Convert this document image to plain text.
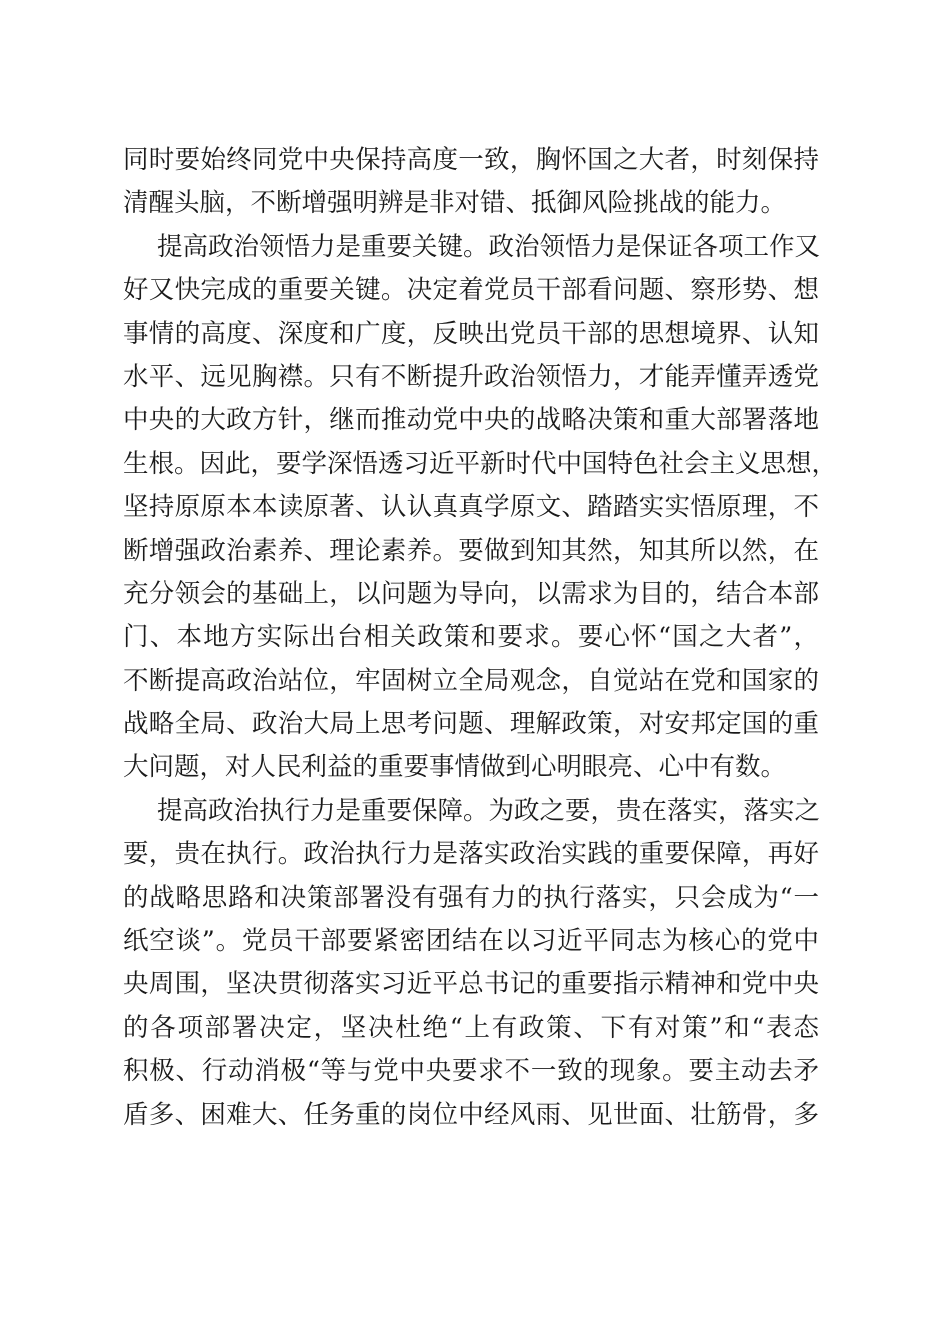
同时要始终同党中央保持高度一致，胸怀国之大者，时刻保持
清醒头脑，不断增强明辨是非对错、抵御风险挑战的能力。
提高政治领悟力是重要关键。政治领悟力是保证各项工作又
好又快完成的重要关键。决定着党员干部看问题、察形势、想
事情的高度、深度和广度，反映出党员干部的思想境界、认知
水平、远见胸襟。只有不断提升政治领悟力，才能弄懂弄透党
中央的大政方针，继而推动党中央的战略决策和重大部署落地
生根。因此，要学深悟透习近平新时代中国特色社会主义思想，
坚持原原本本读原著、认认真真学原文、踏踏实实悟原理，不
断增强政治素养、理论素养。要做到知其然，知其所以然，在
充分领会的基础上，以问题为导向，以需求为目的，结合本部
门、本地方实际出台相关政策和要求。要心怀“国之大者”，
不断提高政治站位，牢固树立全局观念，自觉站在党和国家的
战略全局、政治大局上思考问题、理解政策，对安邦定国的重
大问题，对人民利益的重要事情做到心明眼亮、心中有数。
提高政治执行力是重要保障。为政之要，贵在落实，落实之
要，贵在执行。政治执行力是落实政治实践的重要保障，再好
的战略思路和决策部署没有强有力的执行落实，只会成为“一
纸空谈”。党员干部要紧密团结在以习近平同志为核心的党中
央周围，坚决贯彻落实习近平总书记的重要指示精神和党中央
的各项部署决定，坚决杜绝“上有政策、下有对策”和“表态
积极、行动消极“等与党中央要求不一致的现象。要主动去矛
盾多、困难大、任务重的岗位中经风雨、见世面、壮筋骨，多
